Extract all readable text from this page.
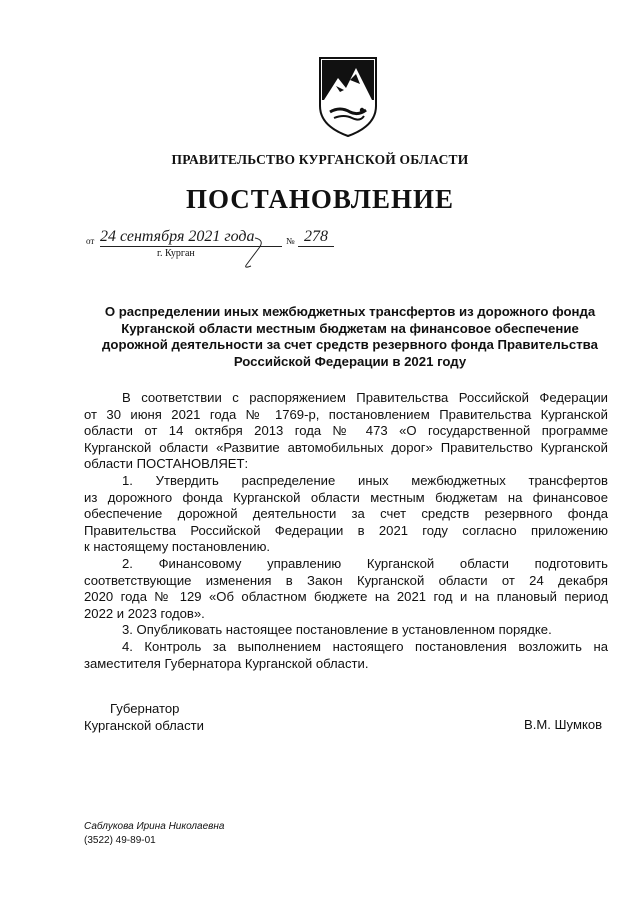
ПРАВИТЕЛЬСТВО КУРГАНСКОЙ ОБЛАСТИ
ПОСТАНОВЛЕНИЕ
от 24 сентября 2021 года	№ 278
г. Курган
О распределении иных межбюджетных трансфертов из дорожного фонда
Курганской области местным бюджетам на финансовое обеспечение
дорожной деятельности за счет средств резервного фонда Правительства
Российской Федерации в 2021 году
В соответствии с распоряжением Правительства Российской Федерации
от 30 июня 2021 года № 1769-р, постановлением Правительства Курганской
области от 14 октября 2013 года № 473 «О государственной программе
Курганской области «Развитие автомобильных дорог» Правительство Курганской
области ПОСТАНОВЛЯЕТ:
1. Утвердить распределение иных межбюджетных трансфертов
из дорожного фонда Курганской области местным бюджетам на финансовое
обеспечение дорожной деятельности за счет средств резервного фонда
Правительства Российской Федерации в 2021 году согласно приложению
к настоящему постановлению.
2. Финансовому управлению Курганской области подготовить
соответствующие изменения в Закон Курганской области от 24 декабря
2020 года № 129 «Об областном бюджете на 2021 год и на плановый период
2022 и 2023 годов».
3. Опубликовать настоящее постановление в установленном порядке.
4. Контроль за выполнением настоящего постановления возложить на
заместителя Губернатора Курганской области.
Губернатор
Курганской области	В.М. Шумков
Саблукова Ирина Николаевна
(3522) 49-89-01
